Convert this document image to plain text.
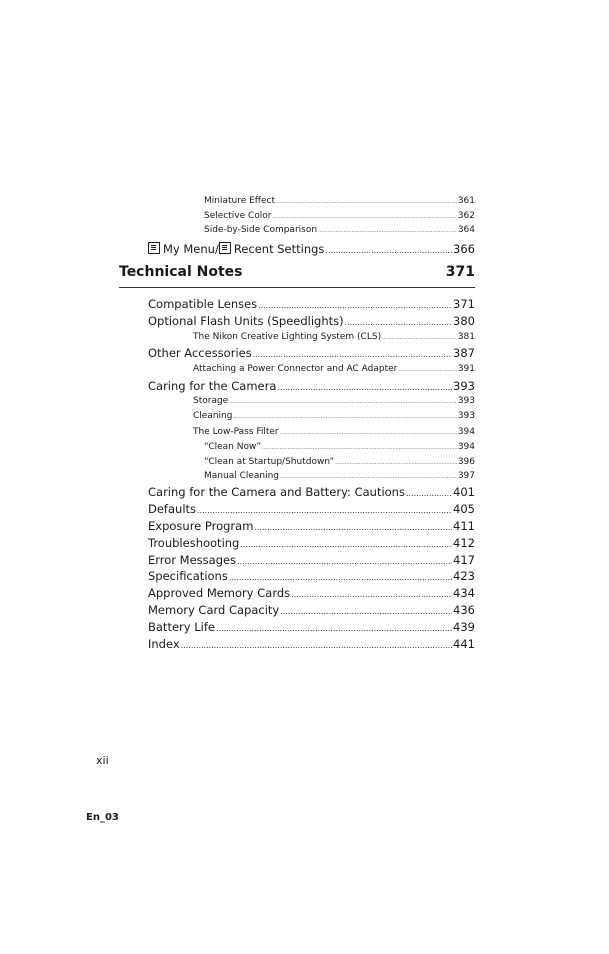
Miniature Effect .....	361
Selective Color .....	362
Side-by-Side Comparison .....	364
My Menu/ Recent Settings .....	366
Technical Notes	371
Compatible Lenses .....	371
Optional Flash Units (Speedlights) .....	380
The Nikon Creative Lighting System (CLS) .....	381
Other Accessories .....	387
Attaching a Power Connector and AC Adapter .....	391
Caring for the Camera .....	393
Storage .....	393
Cleaning .....	393
The Low-Pass Filter .....	394
“Clean Now” .....	394
“Clean at Startup/Shutdown” .....	396
Manual Cleaning .....	397
Caring for the Camera and Battery: Cautions .....	401
Defaults .....	405
Exposure Program .....	411
Troubleshooting .....	412
Error Messages .....	417
Specifications .....	423
Approved Memory Cards .....	434
Memory Card Capacity .....	436
Battery Life .....	439
Index .....	441
xii
En_03
